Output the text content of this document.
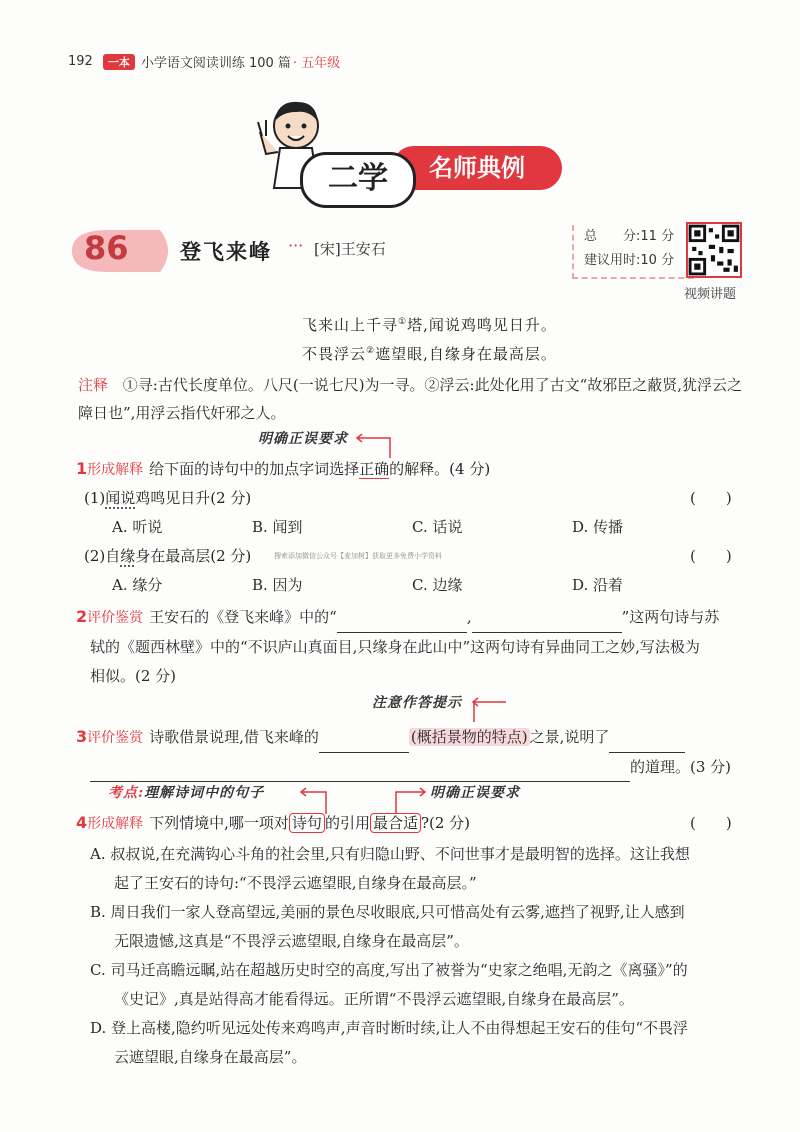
192	一本 小学语文阅读训练 100 篇 · 五年级
二学	名师典例
86 登飞来峰 ··· [宋]王安石
总　　分:11 分
建议用时:10 分
视频讲题
飞来山上千寻①塔,闻说鸡鸣见日升。
不畏浮云②遮望眼,自缘身在最高层。
注释 ①寻:古代长度单位。八尺(一说七尺)为一寻。②浮云:此处化用了古文“故邪臣之蔽贤,犹浮云之障日也”,用浮云指代奸邪之人。
明确正误要求
1形成解释 给下面的诗句中的加点字词选择正确的解释。(4 分)
(1)闻说鸡鸣见日升(2 分)	(　　)
A. 听说	B. 闻到	C. 话说	D. 传播
(2)自缘身在最高层(2 分)	搜索添加微信公众号【麦加树】获取更多免费小学资料	(　　)
A. 缘分	B. 因为	C. 边缘	D. 沿着
2评价鉴赏 王安石的《登飞来峰》中的“	,	”这两句诗与苏
轼的《题西林壁》中的“不识庐山真面目,只缘身在此山中”这两句诗有异曲同工之妙,写法极为
相似。(2 分)
注意作答提示
3评价鉴赏 诗歌借景说理,借飞来峰的	(概括景物的特点) 之景,说明了
的道理。(3 分)
考点:理解诗词中的句子	明确正误要求
4形成解释 下列情境中,哪一项对 诗句 的引用 最合适 ?(2 分)	(　　)
A. 叔叔说,在充满钩心斗角的社会里,只有归隐山野、不问世事才是最明智的选择。这让我想
起了王安石的诗句:“不畏浮云遮望眼,自缘身在最高层。”
B. 周日我们一家人登高望远,美丽的景色尽收眼底,只可惜高处有云雾,遮挡了视野,让人感到
无限遗憾,这真是“不畏浮云遮望眼,自缘身在最高层”。
C. 司马迁高瞻远瞩,站在超越历史时空的高度,写出了被誉为“史家之绝唱,无韵之《离骚》”的
《史记》,真是站得高才能看得远。正所谓“不畏浮云遮望眼,自缘身在最高层”。
D. 登上高楼,隐约听见远处传来鸡鸣声,声音时断时续,让人不由得想起王安石的佳句“不畏浮
云遮望眼,自缘身在最高层”。
